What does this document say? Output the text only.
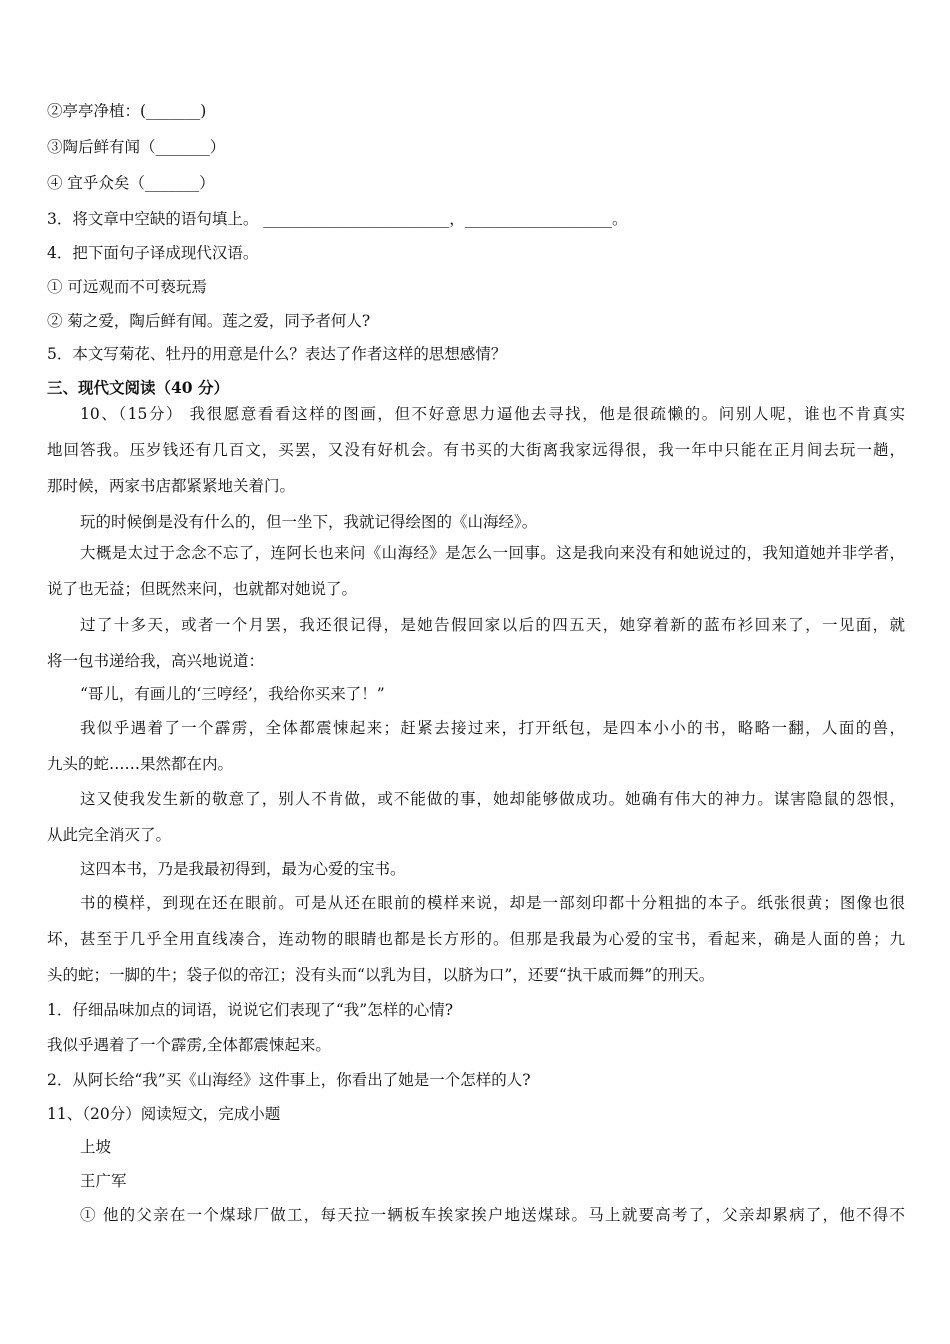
②亭亭净植：(_______)

③陶后鲜有闻（_______）

④ 宜乎众矣（_______）

3．将文章中空缺的语句填上。 ________________________，___________________。

4．把下面句子译成现代汉语。

① 可远观而不可亵玩焉

② 菊之爱，陶后鲜有闻。莲之爱，同予者何人?

5．本文写菊花、牡丹的用意是什么？表达了作者这样的思想感情？

三、现代文阅读（40 分）

10、（15分） 我很愿意看看这样的图画，但不好意思力逼他去寻找，他是很疏懒的。问别人呢，谁也不肯真实

地回答我。压岁钱还有几百文，买罢，又没有好机会。有书买的大街离我家远得很，我一年中只能在正月间去玩一趟，

那时候，两家书店都紧紧地关着门。

玩的时候倒是没有什么的，但一坐下，我就记得绘图的《山海经》。

大概是太过于念念不忘了，连阿长也来问《山海经》是怎么一回事。这是我向来没有和她说过的，我知道她并非学者，

说了也无益；但既然来问，也就都对她说了。

过了十多天，或者一个月罢，我还很记得，是她告假回家以后的四五天，她穿着新的蓝布衫回来了，一见面，就

将一包书递给我，高兴地说道：

“哥儿，有画儿的‘三哼经’，我给你买来了！”

我似乎遇着了一个霹雳，全体都震悚起来；赶紧去接过来，打开纸包，是四本小小的书，略略一翻，人面的兽，

九头的蛇……果然都在内。

这又使我发生新的敬意了，别人不肯做，或不能做的事，她却能够做成功。她确有伟大的神力。谋害隐鼠的怨恨，

从此完全消灭了。

这四本书，乃是我最初得到，最为心爱的宝书。

书的模样，到现在还在眼前。可是从还在眼前的模样来说，却是一部刻印都十分粗拙的本子。纸张很黄；图像也很

坏，甚至于几乎全用直线凑合，连动物的眼睛也都是长方形的。但那是我最为心爱的宝书，看起来，确是人面的兽；九

头的蛇；一脚的牛；袋子似的帝江；没有头而“以乳为目，以脐为口”，还要“执干戚而舞”的刑天。

1．仔细品味加点的词语，说说它们表现了“我”怎样的心情?

我似乎遇着了一个霹雳,全体都震悚起来。

2．从阿长给“我”买《山海经》这件事上，你看出了她是一个怎样的人?

11、（20分）阅读短文，完成小题

上坡

王广军

① 他的父亲在一个煤球厂做工，每天拉一辆板车挨家挨户地送煤球。马上就要高考了，父亲却累病了，他不得不
